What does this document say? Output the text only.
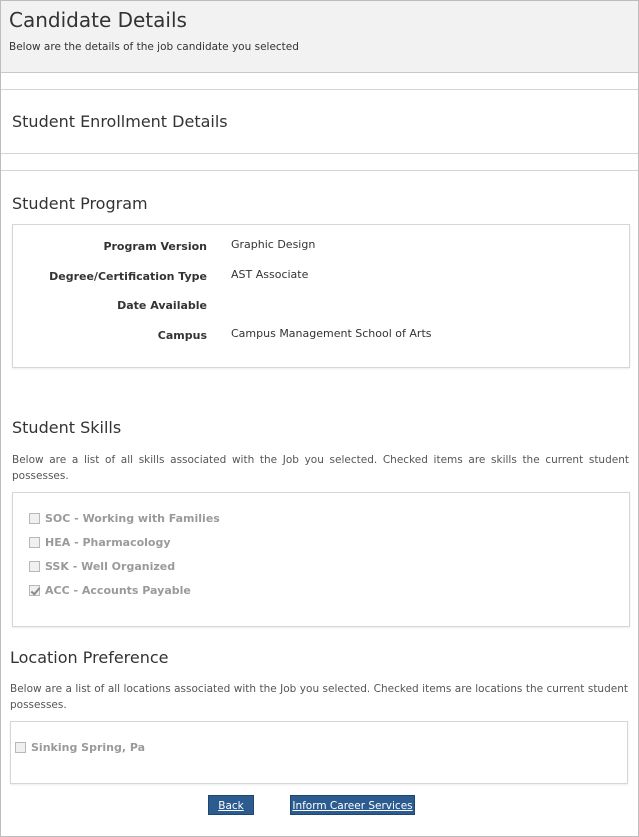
Candidate Details
Below are the details of the job candidate you selected
Student Enrollment Details
Student Program
Program Version Graphic Design
Degree/Certification Type AST Associate
Date Available
Campus Campus Management School of Arts
Student Skills
Below are a list of all skills associated with the Job you selected. Checked items are skills the current student possesses.
SOC - Working with Families
HEA - Pharmacology
SSK - Well Organized
ACC - Accounts Payable
Location Preference
Below are a list of all locations associated with the Job you selected. Checked items are locations the current student possesses.
Sinking Spring, Pa
Back	Inform Career Services
